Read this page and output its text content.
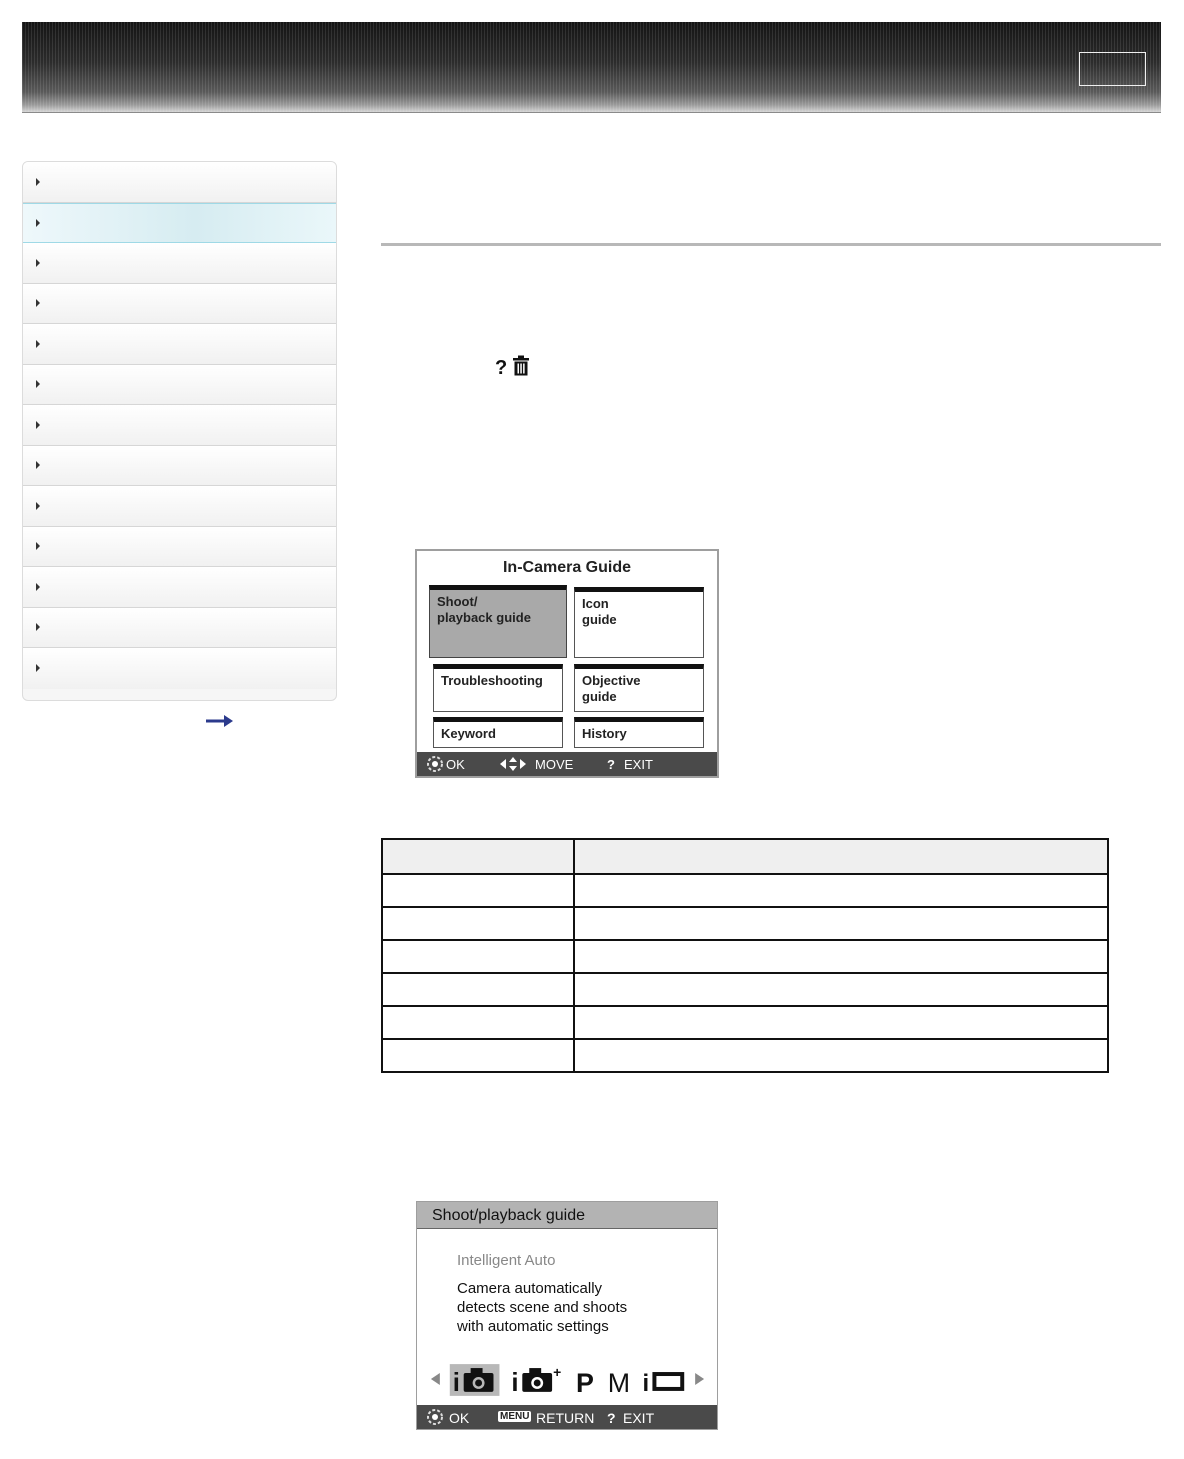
?
In-Camera Guide
Shoot/
playback guide
Icon
guide
Troubleshooting	Objective
guide
Keyword	History
OK	MOVE	? EXIT

Shoot/playback guide
Intelligent Auto
Camera automatically
detects scene and shoots
with automatic settings
i i + P M i
OK	MENU RETURN ? EXIT
